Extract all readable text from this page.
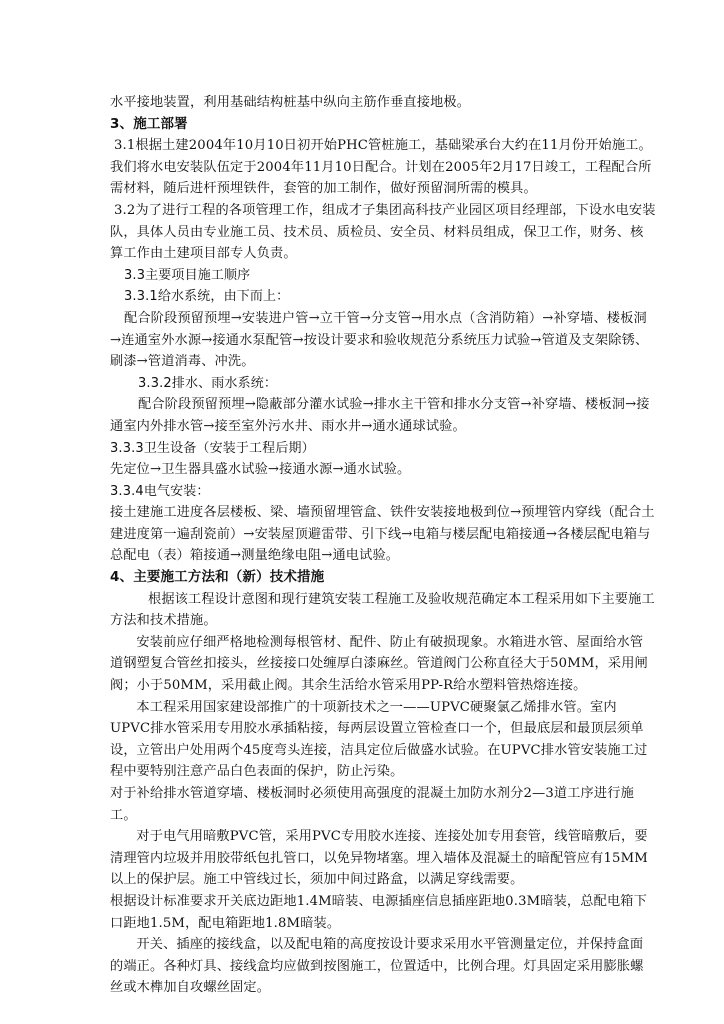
水平接地装置，利用基础结构桩基中纵向主筋作垂直接地极。

3、施工部署

3.1根据土建2004年10月10日初开始PHC管桩施工，基础梁承台大约在11月份开始施工。我们将水电安装队伍定于2004年11月10日配合。计划在2005年2月17日竣工，工程配合所需材料，随后进杆预埋铁件，套管的加工制作，做好预留洞所需的模具。

3.2为了进行工程的各项管理工作，组成才子集团高科技产业园区项目经理部，下设水电安装队，具体人员由专业施工员、技术员、质检员、安全员、材料员组成，保卫工作，财务、核算工作由土建项目部专人负责。

3.3主要项目施工顺序

3.3.1给水系统，由下而上：

配合阶段预留预埋→安装进户管→立干管→分支管→用水点（含消防箱）→补穿墙、楼板洞→连通室外水源→接通水泵配管→按设计要求和验收规范分系统压力试验→管道及支架除锈、刷漆→管道消毒、冲洗。

3.3.2排水、雨水系统：

配合阶段预留预埋→隐蔽部分灌水试验→排水主干管和排水分支管→补穿墙、楼板洞→接通室内外排水管→接至室外污水井、雨水井→通水通球试验。

3.3.3卫生设备（安装于工程后期）

先定位→卫生器具盛水试验→接通水源→通水试验。

3.3.4电气安装：

接土建施工进度各层楼板、梁、墙预留埋管盒、铁件安装接地极到位→预埋管内穿线（配合土建进度第一遍刮瓷前）→安装屋顶避雷带、引下线→电箱与楼层配电箱接通→各楼层配电箱与总配电（表）箱接通→测量绝缘电阻→通电试验。

4、主要施工方法和（新）技术措施

根据该工程设计意图和现行建筑安装工程施工及验收规范确定本工程采用如下主要施工方法和技术措施。

安装前应仔细严格地检测每根管材、配件、防止有破损现象。水箱进水管、屋面给水管道钢塑复合管丝扣接头，丝接接口处缠厚白漆麻丝。管道阀门公称直径大于50MM，采用闸阀；小于50MM，采用截止阀。其余生活给水管采用PP-R给水塑料管热熔连接。

本工程采用国家建设部推广的十项新技术之一——UPVC硬聚氯乙烯排水管。室内UPVC排水管采用专用胶水承插粘接，每两层设置立管检查口一个，但最底层和最顶层须单设，立管出户处用两个45度弯头连接，洁具定位后做盛水试验。在UPVC排水管安装施工过程中要特别注意产品白色表面的保护，防止污染。

对于补给排水管道穿墙、楼板洞时必须使用高强度的混凝土加防水剂分2—3道工序进行施工。

对于电气用暗敷PVC管，采用PVC专用胶水连接、连接处加专用套管，线管暗敷后，要清理管内垃圾并用胶带纸包扎管口，以免异物堵塞。埋入墙体及混凝土的暗配管应有15MM以上的保护层。施工中管线过长，须加中间过路盒，以满足穿线需要。

根据设计标准要求开关底边距地1.4M暗装、电源插座信息插座距地0.3M暗装，总配电箱下口距地1.5M，配电箱距地1.8M暗装。

开关、插座的接线盒，以及配电箱的高度按设计要求采用水平管测量定位，并保持盒面的端正。各种灯具、接线盒均应做到按图施工，位置适中，比例合理。灯具固定采用膨胀螺丝或木榫加自攻螺丝固定。
